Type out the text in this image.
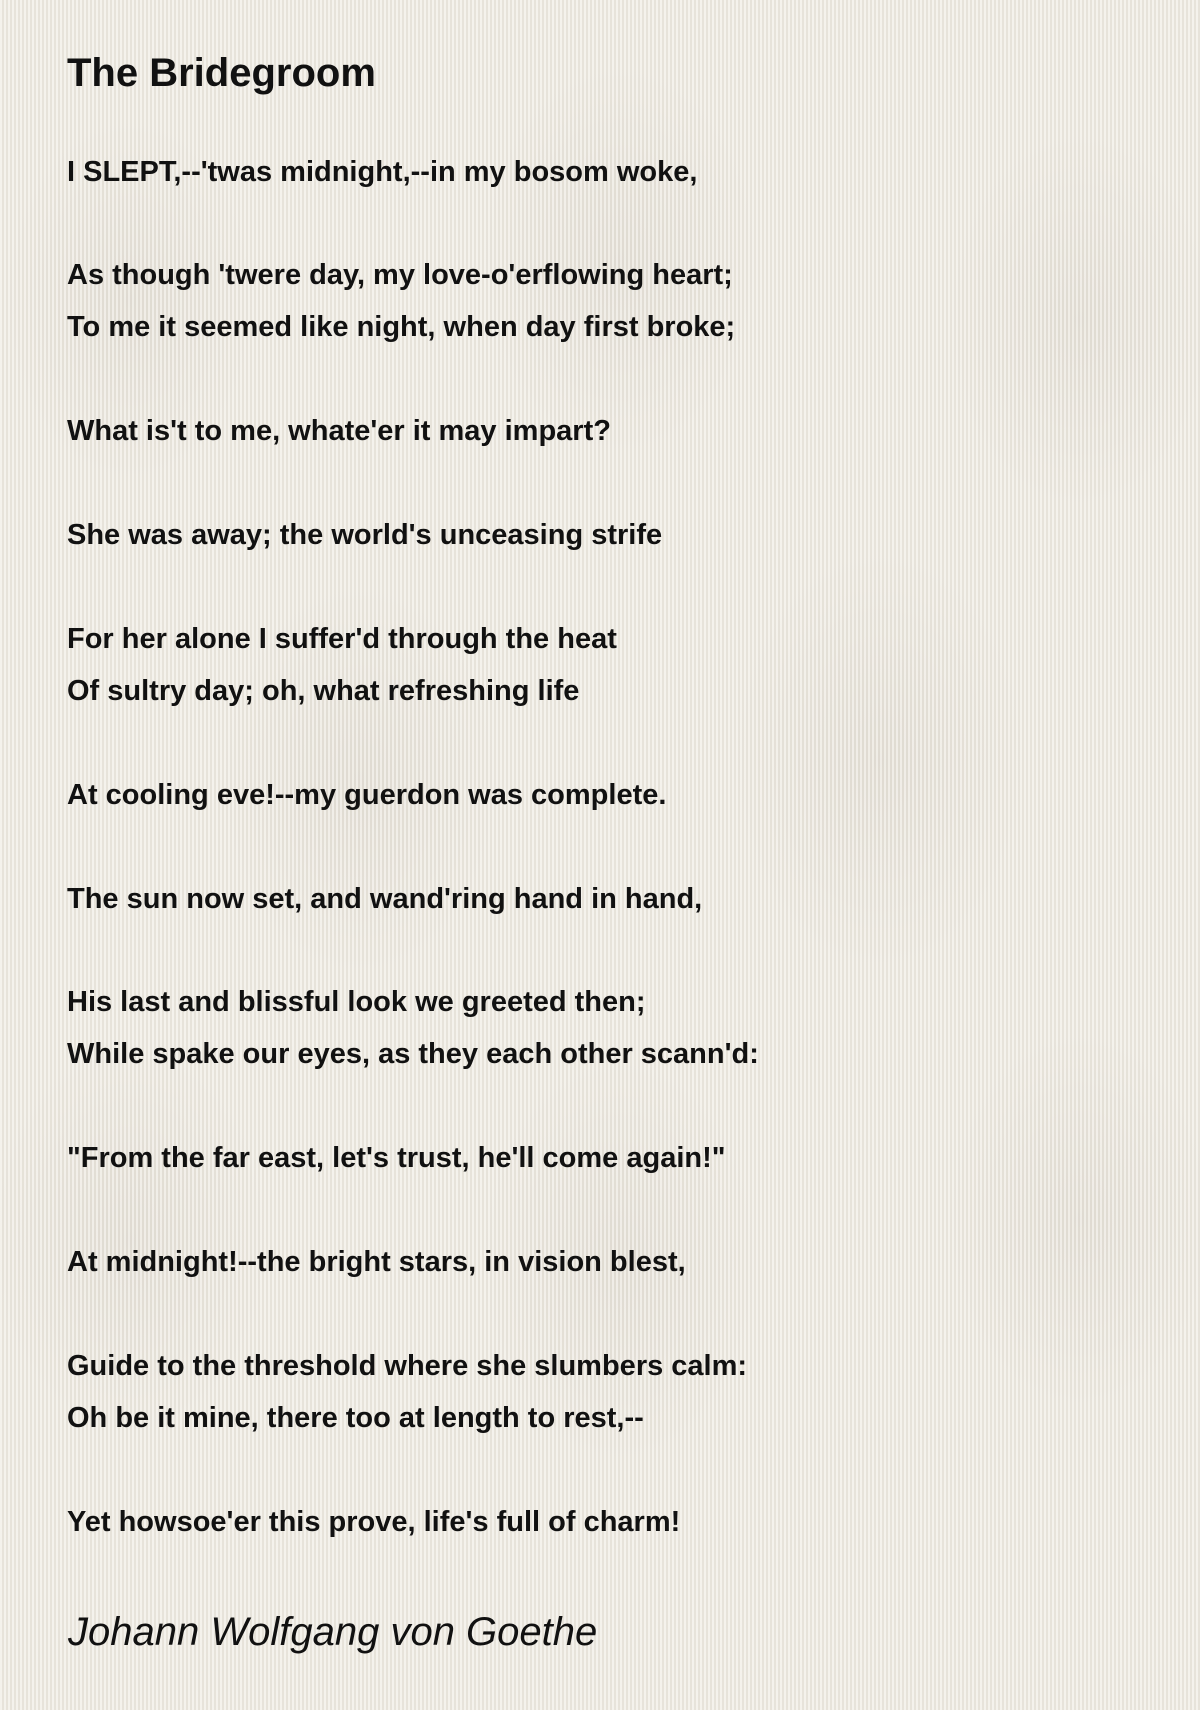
The Bridegroom
I SLEPT,--'twas midnight,--in my bosom woke,
As though 'twere day, my love-o'erflowing heart;
To me it seemed like night, when day first broke;
What is't to me, whate'er it may impart?
She was away; the world's unceasing strife
For her alone I suffer'd through the heat
Of sultry day; oh, what refreshing life
At cooling eve!--my guerdon was complete.
The sun now set, and wand'ring hand in hand,
His last and blissful look we greeted then;
While spake our eyes, as they each other scann'd:
"From the far east, let's trust, he'll come again!"
At midnight!--the bright stars, in vision blest,
Guide to the threshold where she slumbers calm:
Oh be it mine, there too at length to rest,--
Yet howsoe'er this prove, life's full of charm!
Johann Wolfgang von Goethe
